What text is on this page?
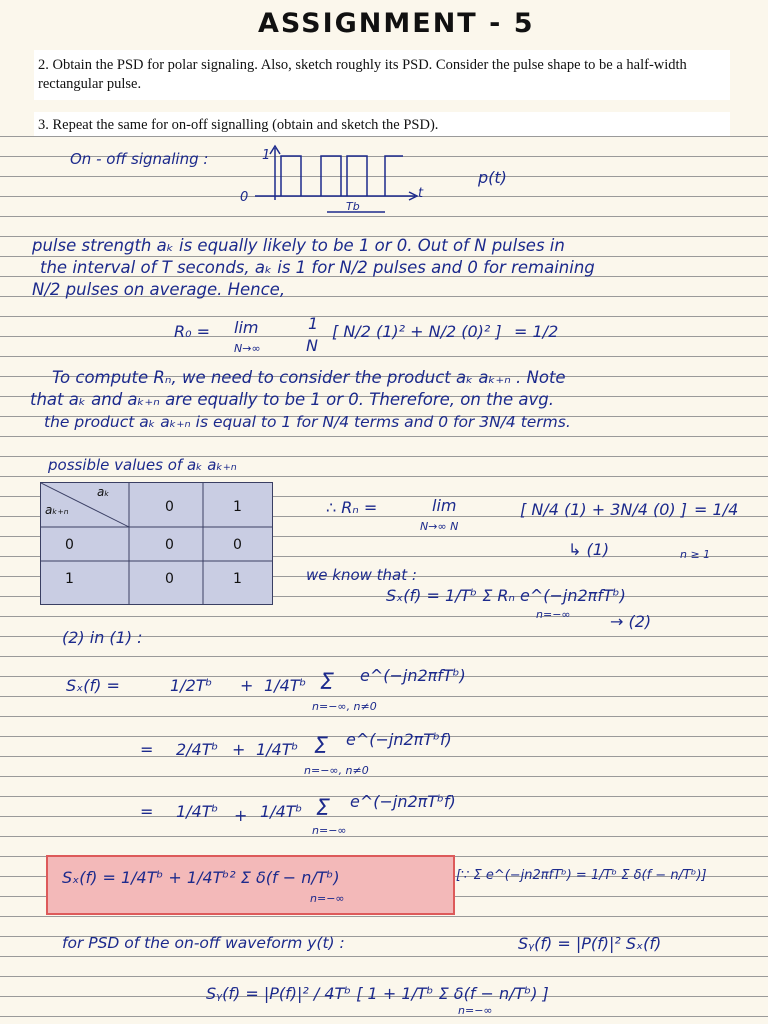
ASSIGNMENT - 5
2. Obtain the PSD for polar signaling. Also, sketch roughly its PSD. Consider the pulse shape to be a half-width rectangular pulse.
3. Repeat the same for on-off signalling (obtain and sketch the PSD).
On - off signaling :	1
0	t
Tb
p(t)
pulse strength aₖ is equally likely to be 1 or 0. Out of N pulses in
the interval of T seconds, aₖ is 1 for N/2 pulses and 0 for remaining
N/2 pulses on average. Hence,
R₀ = lim
N→∞
1
N
[ N/2 (1)² + N/2 (0)² ] = 1/2
To compute Rₙ, we need to consider the product aₖ aₖ₊ₙ . Note
that aₖ and aₖ₊ₙ are equally to be 1 or 0. Therefore, on the avg.
the product aₖ aₖ₊ₙ is equal to 1 for N/4 terms and 0 for 3N/4 terms.
possible values of aₖ aₖ₊ₙ
aₖ
aₖ₊ₙ	0	1
0	0	0
1	0	1
∴ Rₙ =	lim
N→∞ N
[ N/4 (1) + 3N/4 (0) ] = 1/4
↳ (1)	n ≥ 1
we know that :
Sₓ(f) = 1/Tᵇ Σ Rₙ e^(−jn2πfTᵇ)
n=−∞ → (2)
(2) in (1) :
Sₓ(f) =	1/2Tᵇ + 1/4Tᵇ Σ
n=−∞, n≠0
e^(−jn2πfTᵇ)
= 2/4Tᵇ + 1/4Tᵇ Σ
n=−∞, n≠0
e^(−jn2πTᵇf)
= 1/4Tᵇ + 1/4Tᵇ Σ
n=−∞
e^(−jn2πTᵇf)
Sₓ(f) = 1/4Tᵇ + 1/4Tᵇ² Σ δ(f − n/Tᵇ)
n=−∞
[∵ Σ e^(−jn2πfTᵇ) = 1/Tᵇ Σ δ(f − n/Tᵇ)]
for PSD of the on-off waveform y(t) :	Sᵧ(f) = |P(f)|² Sₓ(f)
Sᵧ(f) = |P(f)|² / 4Tᵇ [ 1 + 1/Tᵇ Σ δ(f − n/Tᵇ) ]
n=−∞
